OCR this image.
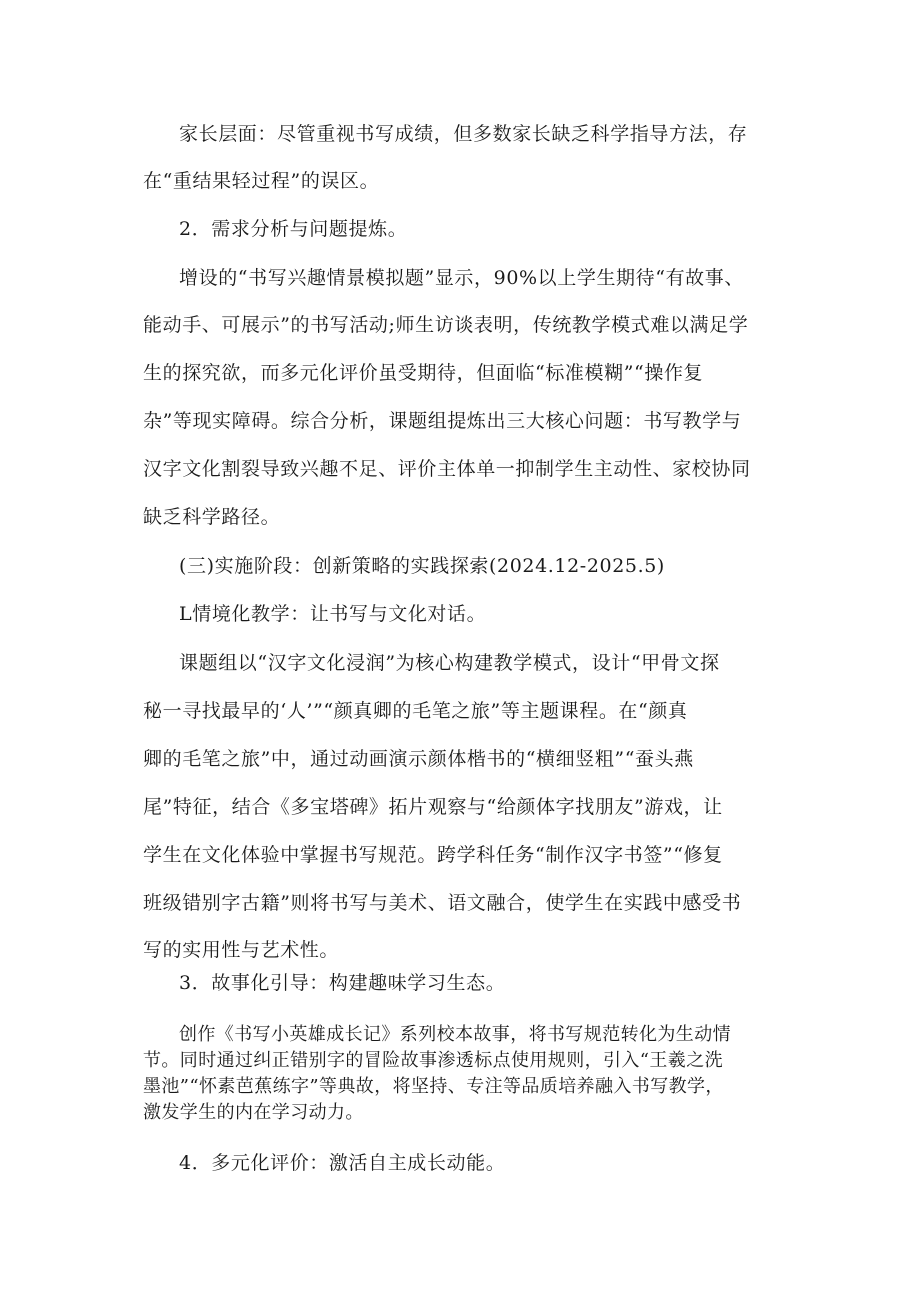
家长层面：尽管重视书写成绩，但多数家长缺乏科学指导方法，存
在“重结果轻过程”的误区。
2．需求分析与问题提炼。
增设的“书写兴趣情景模拟题”显示，90%以上学生期待“有故事、
能动手、可展示”的书写活动;师生访谈表明，传统教学模式难以满足学
生的探究欲，而多元化评价虽受期待，但面临“标准模糊”“操作复
杂”等现实障碍。综合分析，课题组提炼出三大核心问题：书写教学与
汉字文化割裂导致兴趣不足、评价主体单一抑制学生主动性、家校协同
缺乏科学路径。
(三)实施阶段：创新策略的实践探索(2024.12-2025.5)
L情境化教学：让书写与文化对话。
课题组以“汉字文化浸润”为核心构建教学模式，设计“甲骨文探
秘一寻找最早的‘人’”“颜真卿的毛笔之旅”等主题课程。在“颜真
卿的毛笔之旅”中，通过动画演示颜体楷书的“横细竖粗”“蚕头燕
尾”特征，结合《多宝塔碑》拓片观察与“给颜体字找朋友”游戏，让
学生在文化体验中掌握书写规范。跨学科任务“制作汉字书签”“修复
班级错别字古籍”则将书写与美术、语文融合，使学生在实践中感受书
写的实用性与艺术性。
3．故事化引导：构建趣味学习生态。
创作《书写小英雄成长记》系列校本故事，将书写规范转化为生动情
节。同时通过纠正错别字的冒险故事渗透标点使用规则，引入“王羲之洗
墨池”“怀素芭蕉练字”等典故，将坚持、专注等品质培养融入书写教学，
激发学生的内在学习动力。
4．多元化评价：激活自主成长动能。
